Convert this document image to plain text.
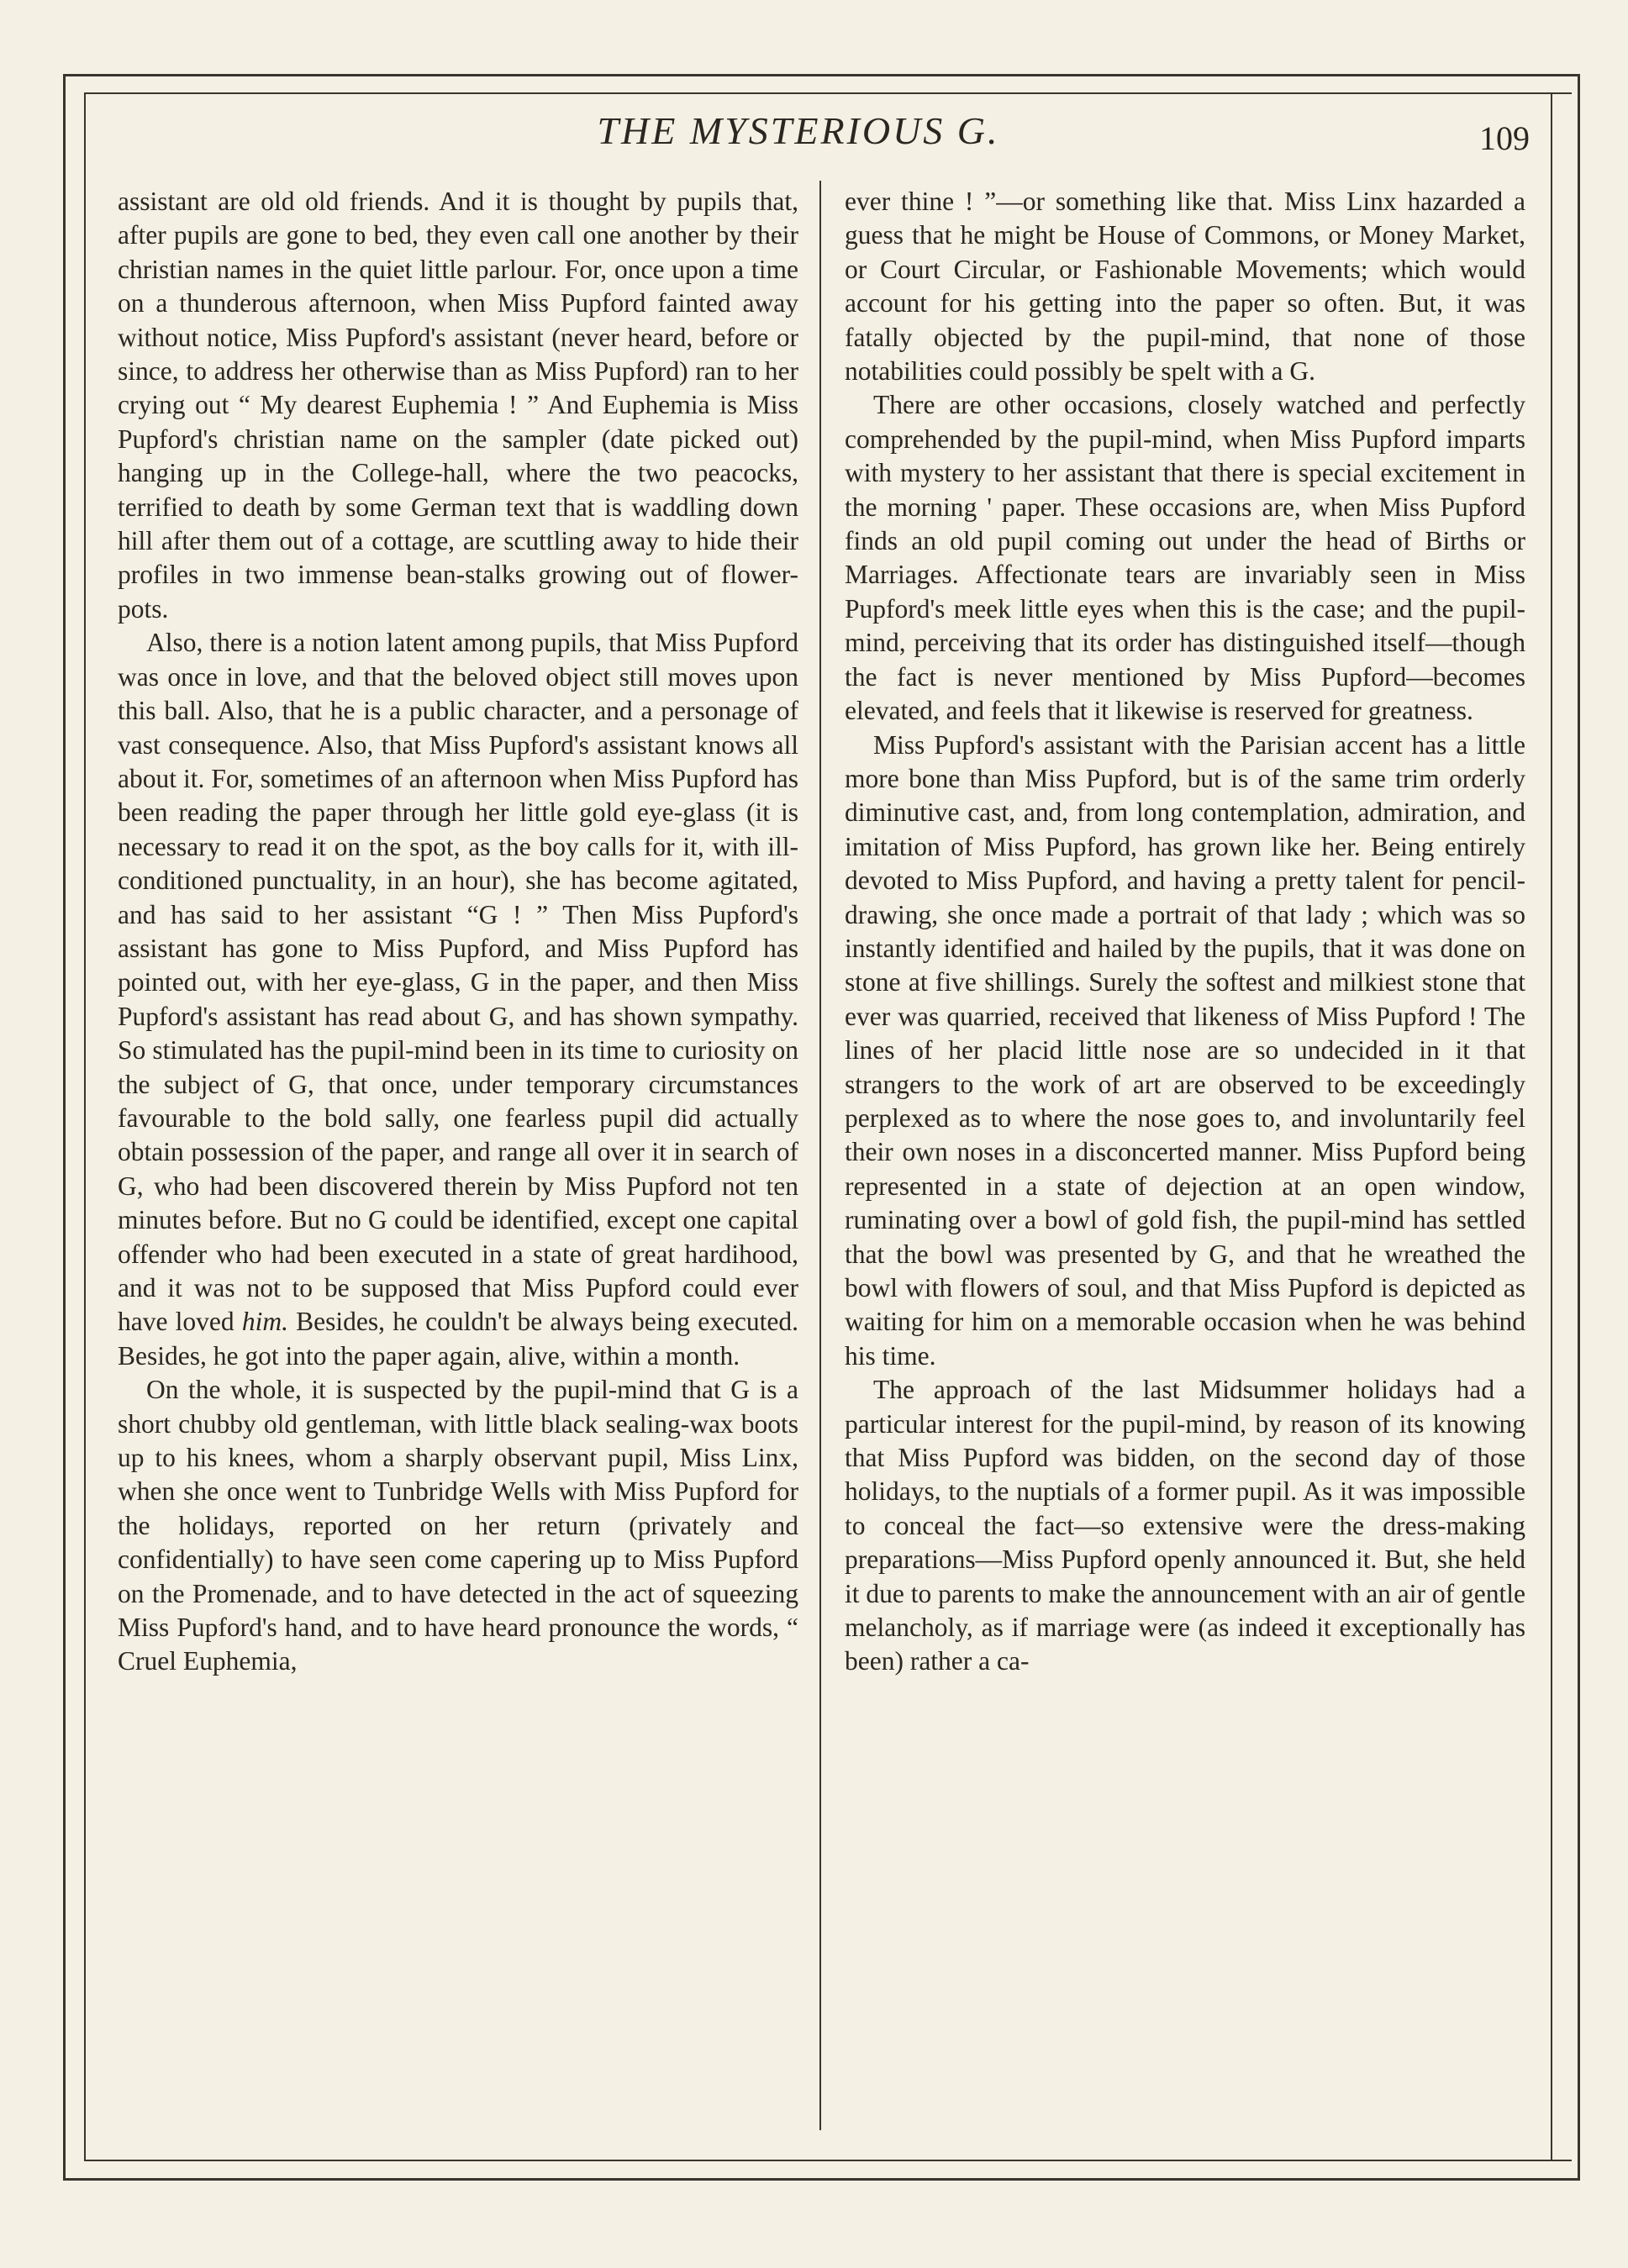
THE MYSTERIOUS G.	109

assistant are old old friends. And it is thought by pupils that, after pupils are gone to bed, they even call one another by their christian names in the quiet little parlour. For, once upon a time on a thunderous afternoon, when Miss Pupford fainted away without notice, Miss Pupford's assistant (never heard, before or since, to address her otherwise than as Miss Pupford) ran to her crying out “ My dearest Euphemia ! ” And Euphemia is Miss Pupford's christian name on the sampler (date picked out) hanging up in the College-hall, where the two peacocks, terrified to death by some German text that is waddling down hill after them out of a cottage, are scuttling away to hide their profiles in two immense bean-stalks growing out of flower-pots.

Also, there is a notion latent among pupils, that Miss Pupford was once in love, and that the beloved object still moves upon this ball. Also, that he is a public character, and a personage of vast consequence. Also, that Miss Pupford's assistant knows all about it. For, sometimes of an afternoon when Miss Pupford has been reading the paper through her little gold eye-glass (it is necessary to read it on the spot, as the boy calls for it, with ill-conditioned punctuality, in an hour), she has become agitated, and has said to her assistant “G ! ” Then Miss Pupford's assistant has gone to Miss Pupford, and Miss Pupford has pointed out, with her eye-glass, G in the paper, and then Miss Pupford's assistant has read about G, and has shown sympathy. So stimulated has the pupil-mind been in its time to curiosity on the subject of G, that once, under temporary circumstances favourable to the bold sally, one fearless pupil did actually obtain possession of the paper, and range all over it in search of G, who had been discovered therein by Miss Pupford not ten minutes before. But no G could be identified, except one capital offender who had been executed in a state of great hardihood, and it was not to be supposed that Miss Pupford could ever have loved him. Besides, he couldn't be always being executed. Besides, he got into the paper again, alive, within a month.

On the whole, it is suspected by the pupil-mind that G is a short chubby old gentleman, with little black sealing-wax boots up to his knees, whom a sharply observant pupil, Miss Linx, when she once went to Tunbridge Wells with Miss Pupford for the holidays, reported on her return (privately and confidentially) to have seen come capering up to Miss Pupford on the Promenade, and to have detected in the act of squeezing Miss Pupford's hand, and to have heard pronounce the words, “ Cruel Euphemia,

ever thine ! ”—or something like that. Miss Linx hazarded a guess that he might be House of Commons, or Money Market, or Court Circular, or Fashionable Movements; which would account for his getting into the paper so often. But, it was fatally objected by the pupil-mind, that none of those notabilities could possibly be spelt with a G.

There are other occasions, closely watched and perfectly comprehended by the pupil-mind, when Miss Pupford imparts with mystery to her assistant that there is special excitement in the morning ' paper. These occasions are, when Miss Pupford finds an old pupil coming out under the head of Births or Marriages. Affectionate tears are invariably seen in Miss Pupford's meek little eyes when this is the case; and the pupil-mind, perceiving that its order has distinguished itself—though the fact is never mentioned by Miss Pupford—becomes elevated, and feels that it likewise is reserved for greatness.

Miss Pupford's assistant with the Parisian accent has a little more bone than Miss Pupford, but is of the same trim orderly diminutive cast, and, from long contemplation, admiration, and imitation of Miss Pupford, has grown like her. Being entirely devoted to Miss Pupford, and having a pretty talent for pencil-drawing, she once made a portrait of that lady ; which was so instantly identified and hailed by the pupils, that it was done on stone at five shillings. Surely the softest and milkiest stone that ever was quarried, received that likeness of Miss Pupford ! The lines of her placid little nose are so undecided in it that strangers to the work of art are observed to be exceedingly perplexed as to where the nose goes to, and involuntarily feel their own noses in a disconcerted manner. Miss Pupford being represented in a state of dejection at an open window, ruminating over a bowl of gold fish, the pupil-mind has settled that the bowl was presented by G, and that he wreathed the bowl with flowers of soul, and that Miss Pupford is depicted as waiting for him on a memorable occasion when he was behind his time.

The approach of the last Midsummer holidays had a particular interest for the pupil-mind, by reason of its knowing that Miss Pupford was bidden, on the second day of those holidays, to the nuptials of a former pupil. As it was impossible to conceal the fact—so extensive were the dress-making preparations—Miss Pupford openly announced it. But, she held it due to parents to make the announcement with an air of gentle melancholy, as if marriage were (as indeed it exceptionally has been) rather a ca-
